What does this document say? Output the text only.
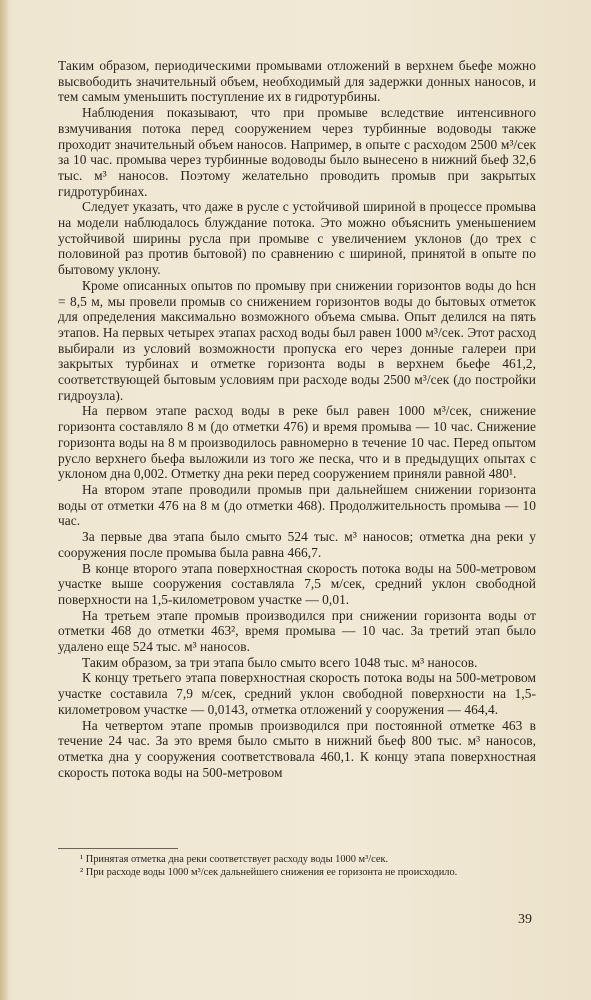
Таким образом, периодическими промывами отложений в верхнем бьефе можно высвободить значительный объем, необходимый для задержки донных наносов, и тем самым уменьшить поступление их в гидротурбины.

Наблюдения показывают, что при промыве вследствие интенсивного взмучивания потока перед сооружением через турбинные водоводы также проходит значительный объем наносов. Например, в опыте с расходом 2500 м³/сек за 10 час. промыва через турбинные водоводы было вынесено в нижний бьеф 32,6 тыс. м³ наносов. Поэтому желательно проводить промыв при закрытых гидротурбинах.

Следует указать, что даже в русле с устойчивой шириной в процессе промыва на модели наблюдалось блуждание потока. Это можно объяснить уменьшением устойчивой ширины русла при промыве с увеличением уклонов (до трех с половиной раз против бытовой) по сравнению с шириной, принятой в опыте по бытовому уклону.

Кроме описанных опытов по промыву при снижении горизонтов воды до hсн = 8,5 м, мы провели промыв со снижением горизонтов воды до бытовых отметок для определения максимально возможного объема смыва. Опыт делился на пять этапов. На первых четырех этапах расход воды был равен 1000 м³/сек. Этот расход выбирали из условий возможности пропуска его через донные галереи при закрытых турбинах и отметке горизонта воды в верхнем бьефе 461,2, соответствующей бытовым условиям при расходе воды 2500 м³/сек (до постройки гидроузла).

На первом этапе расход воды в реке был равен 1000 м³/сек, снижение горизонта составляло 8 м (до отметки 476) и время промыва — 10 час. Снижение горизонта воды на 8 м производилось равномерно в течение 10 час. Перед опытом русло верхнего бьефа выложили из того же песка, что и в предыдущих опытах с уклоном дна 0,002. Отметку дна реки перед сооружением приняли равной 480¹.

На втором этапе проводили промыв при дальнейшем снижении горизонта воды от отметки 476 на 8 м (до отметки 468). Продолжительность промыва — 10 час.

За первые два этапа было смыто 524 тыс. м³ наносов; отметка дна реки у сооружения после промыва была равна 466,7.

В конце второго этапа поверхностная скорость потока воды на 500-метровом участке выше сооружения составляла 7,5 м/сек, средний уклон свободной поверхности на 1,5-километровом участке — 0,01.

На третьем этапе промыв производился при снижении горизонта воды от отметки 468 до отметки 463², время промыва — 10 час. За третий этап было удалено еще 524 тыс. м³ наносов.

Таким образом, за три этапа было смыто всего 1048 тыс. м³ наносов.

К концу третьего этапа поверхностная скорость потока воды на 500-метровом участке составила 7,9 м/сек, средний уклон свободной поверхности на 1,5-километровом участке — 0,0143, отметка отложений у сооружения — 464,4.

На четвертом этапе промыв производился при постоянной отметке 463 в течение 24 час. За это время было смыто в нижний бьеф 800 тыс. м³ наносов, отметка дна у сооружения соответствовала 460,1. К концу этапа поверхностная скорость потока воды на 500-метровом

¹ Принятая отметка дна реки соответствует расходу воды 1000 м³/сек.

² При расходе воды 1000 м³/сек дальнейшего снижения ее горизонта не происходило.

39
